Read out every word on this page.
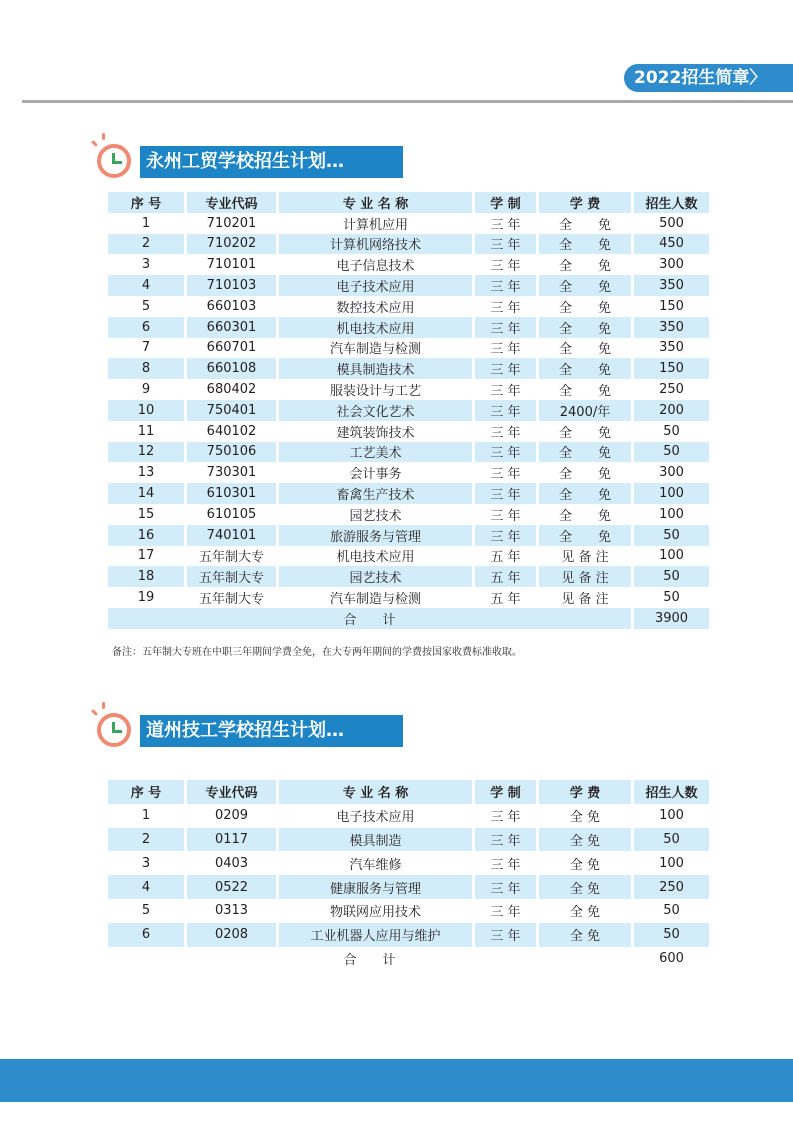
2022招生简章〉
永州工贸学校招生计划…
序 号	专业代码	专 业 名 称	学 制	学 费	招生人数
1	710201	计算机应用	三 年	全　　免	500
2	710202	计算机网络技术	三 年	全　　免	450
3	710101	电子信息技术	三 年	全　　免	300
4	710103	电子技术应用	三 年	全　　免	350
5	660103	数控技术应用	三 年	全　　免	150
6	660301	机电技术应用	三 年	全　　免	350
7	660701	汽车制造与检测	三 年	全　　免	350
8	660108	模具制造技术	三 年	全　　免	150
9	680402	服装设计与工艺	三 年	全　　免	250
10	750401	社会文化艺术	三 年	2400/年	200
11	640102	建筑装饰技术	三 年	全　　免	50
12	750106	工艺美术	三 年	全　　免	50
13	730301	会计事务	三 年	全　　免	300
14	610301	畜禽生产技术	三 年	全　　免	100
15	610105	园艺技术	三 年	全　　免	100
16	740101	旅游服务与管理	三 年	全　　免	50
17	五年制大专	机电技术应用	五 年	见 备 注	100
18	五年制大专	园艺技术	五 年	见 备 注	50
19	五年制大专	汽车制造与检测	五 年	见 备 注	50
合　　计					3900
备注：五年制大专班在中职三年期间学费全免，在大专两年期间的学费按国家收费标准收取。
道州技工学校招生计划…
序 号	专业代码	专 业 名 称	学 制	学 费	招生人数
1	0209	电子技术应用	三 年	全 免	100
2	0117	模具制造	三 年	全 免	50
3	0403	汽车维修	三 年	全 免	100
4	0522	健康服务与管理	三 年	全 免	250
5	0313	物联网应用技术	三 年	全 免	50
6	0208	工业机器人应用与维护	三 年	全 免	50
合　　计					600
